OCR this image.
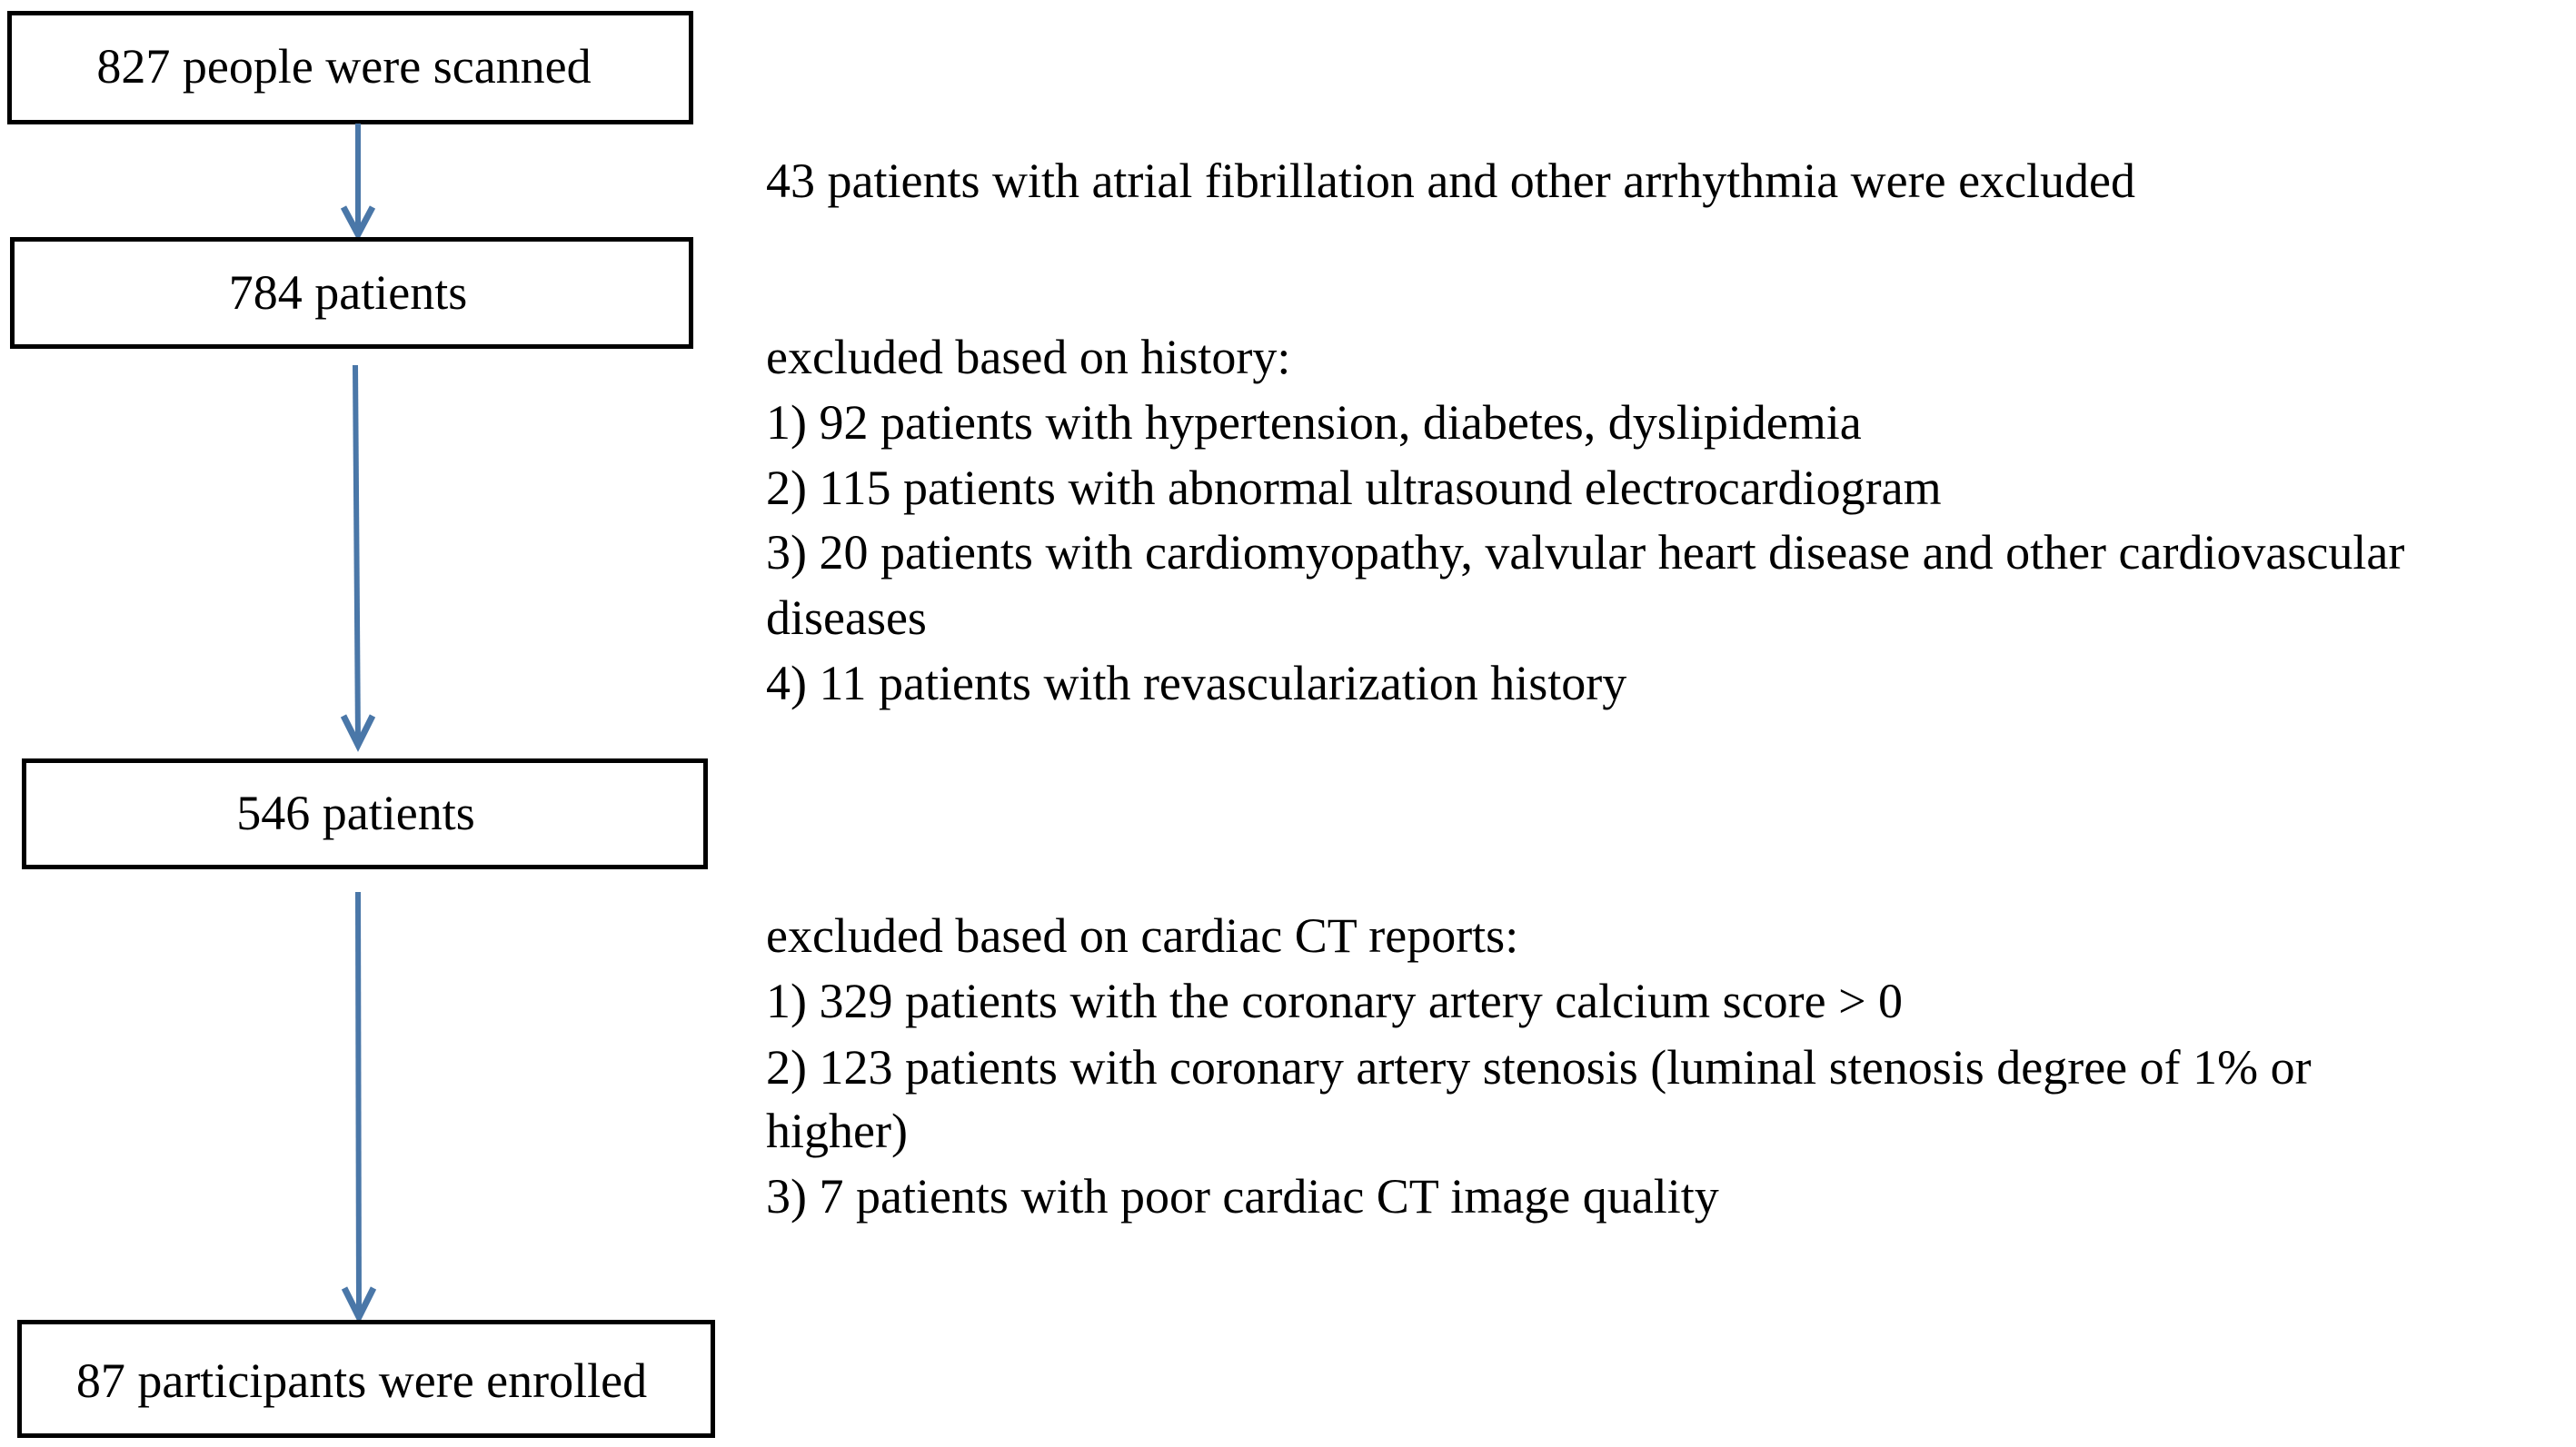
827 people were scanned
784 patients
546 patients
87 participants were enrolled
43 patients with atrial fibrillation and other arrhythmia were excluded
excluded based on history:
1) 92 patients with hypertension, diabetes, dyslipidemia
2) 115 patients with abnormal ultrasound electrocardiogram
3) 20 patients with cardiomyopathy, valvular heart disease and other cardiovascular
diseases
4) 11 patients with revascularization history
excluded based on cardiac CT reports:
1) 329 patients with the coronary artery calcium score > 0
2) 123 patients with coronary artery stenosis (luminal stenosis degree of 1% or
higher)
3) 7 patients with poor cardiac CT image quality
